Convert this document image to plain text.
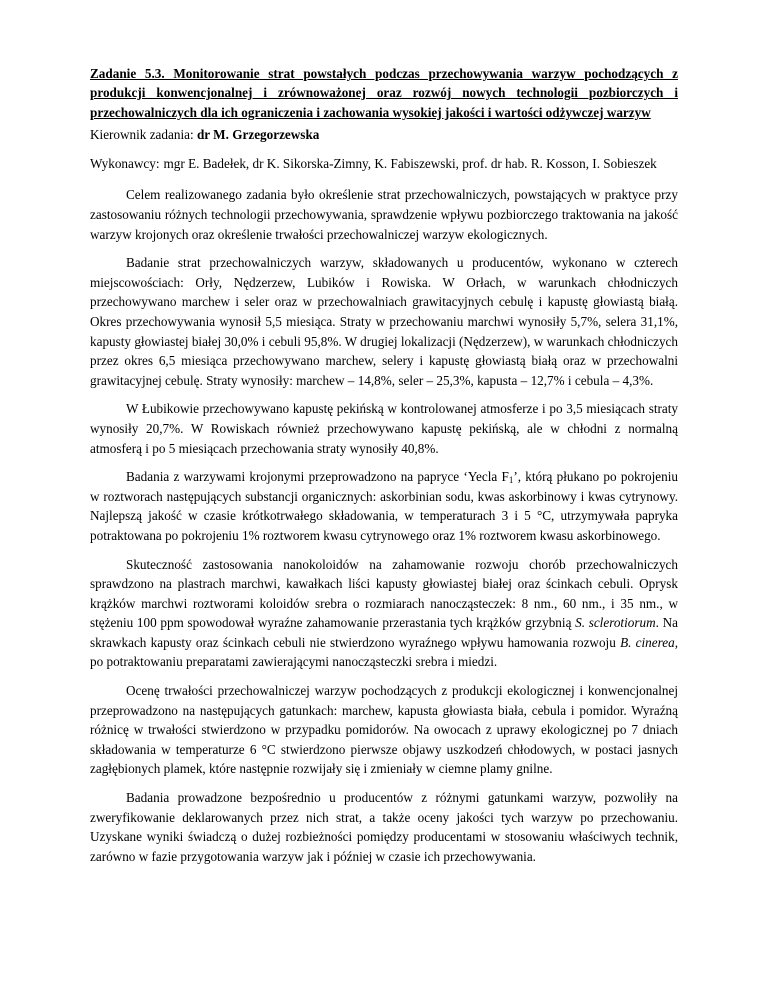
Zadanie 5.3. Monitorowanie strat powstałych podczas przechowywania warzyw pochodzących z produkcji konwencjonalnej i zrównoważonej oraz rozwój nowych technologii pozbiorczych i przechowalniczych dla ich ograniczenia i zachowania wysokiej jakości i wartości odżywczej warzyw

Kierownik zadania: dr M. Grzegorzewska

Wykonawcy: mgr E. Badełek, dr K. Sikorska-Zimny, K. Fabiszewski, prof. dr hab. R. Kosson, I. Sobieszek

Celem realizowanego zadania było określenie strat przechowalniczych, powstających w praktyce przy zastosowaniu różnych technologii przechowywania, sprawdzenie wpływu pozbiorczego traktowania na jakość warzyw krojonych oraz określenie trwałości przechowalniczej warzyw ekologicznych.

Badanie strat przechowalniczych warzyw, składowanych u producentów, wykonano w czterech miejscowościach: Orły, Nędzerzew, Lubików i Rowiska. W Orłach, w warunkach chłodniczych przechowywano marchew i seler oraz w przechowalniach grawitacyjnych cebulę i kapustę głowiastą białą. Okres przechowywania wynosił 5,5 miesiąca. Straty w przechowaniu marchwi wynosiły 5,7%, selera 31,1%, kapusty głowiastej białej 30,0% i cebuli 95,8%. W drugiej lokalizacji (Nędzerzew), w warunkach chłodniczych przez okres 6,5 miesiąca przechowywano marchew, selery i kapustę głowiastą białą oraz w przechowalni grawitacyjnej cebulę. Straty wynosiły: marchew – 14,8%, seler – 25,3%, kapusta – 12,7% i cebula – 4,3%.

W Łubikowie przechowywano kapustę pekińską w kontrolowanej atmosferze i po 3,5 miesiącach straty wynosiły 20,7%. W Rowiskach również przechowywano kapustę pekińską, ale w chłodni z normalną atmosferą i po 5 miesiącach przechowania straty wynosiły 40,8%.

Badania z warzywami krojonymi przeprowadzono na papryce ‘Yecla $F_1$’, którą płukano po pokrojeniu w roztworach następujących substancji organicznych: askorbinian sodu, kwas askorbinowy i kwas cytrynowy. Najlepszą jakość w czasie krótkotrwałego składowania, w temperaturach 3 i 5 °C, utrzymywała papryka potraktowana po pokrojeniu 1% roztworem kwasu cytrynowego oraz 1% roztworem kwasu askorbinowego.

Skuteczność zastosowania nanokoloidów na zahamowanie rozwoju chorób przechowalniczych sprawdzono na plastrach marchwi, kawałkach liści kapusty głowiastej białej oraz ścinkach cebuli. Oprysk krążków marchwi roztworami koloidów srebra o rozmiarach nanocząsteczek: 8 nm., 60 nm., i 35 nm., w stężeniu 100 ppm spowodował wyraźne zahamowanie przerastania tych krążków grzybnią S. sclerotiorum. Na skrawkach kapusty oraz ścinkach cebuli nie stwierdzono wyraźnego wpływu hamowania rozwoju B. cinerea, po potraktowaniu preparatami zawierającymi nanocząsteczki srebra i miedzi.

Ocenę trwałości przechowalniczej warzyw pochodzących z produkcji ekologicznej i konwencjonalnej przeprowadzono na następujących gatunkach: marchew, kapusta głowiasta biała, cebula i pomidor. Wyraźną różnicę w trwałości stwierdzono w przypadku pomidorów. Na owocach z uprawy ekologicznej po 7 dniach składowania w temperaturze 6 °C stwierdzono pierwsze objawy uszkodzeń chłodowych, w postaci jasnych zagłębionych plamek, które następnie rozwijały się i zmieniały w ciemne plamy gnilne.

Badania prowadzone bezpośrednio u producentów z różnymi gatunkami warzyw, pozwoliły na zweryfikowanie deklarowanych przez nich strat, a także oceny jakości tych warzyw po przechowaniu. Uzyskane wyniki świadczą o dużej rozbieżności pomiędzy producentami w stosowaniu właściwych technik, zarówno w fazie przygotowania warzyw jak i później w czasie ich przechowywania.
